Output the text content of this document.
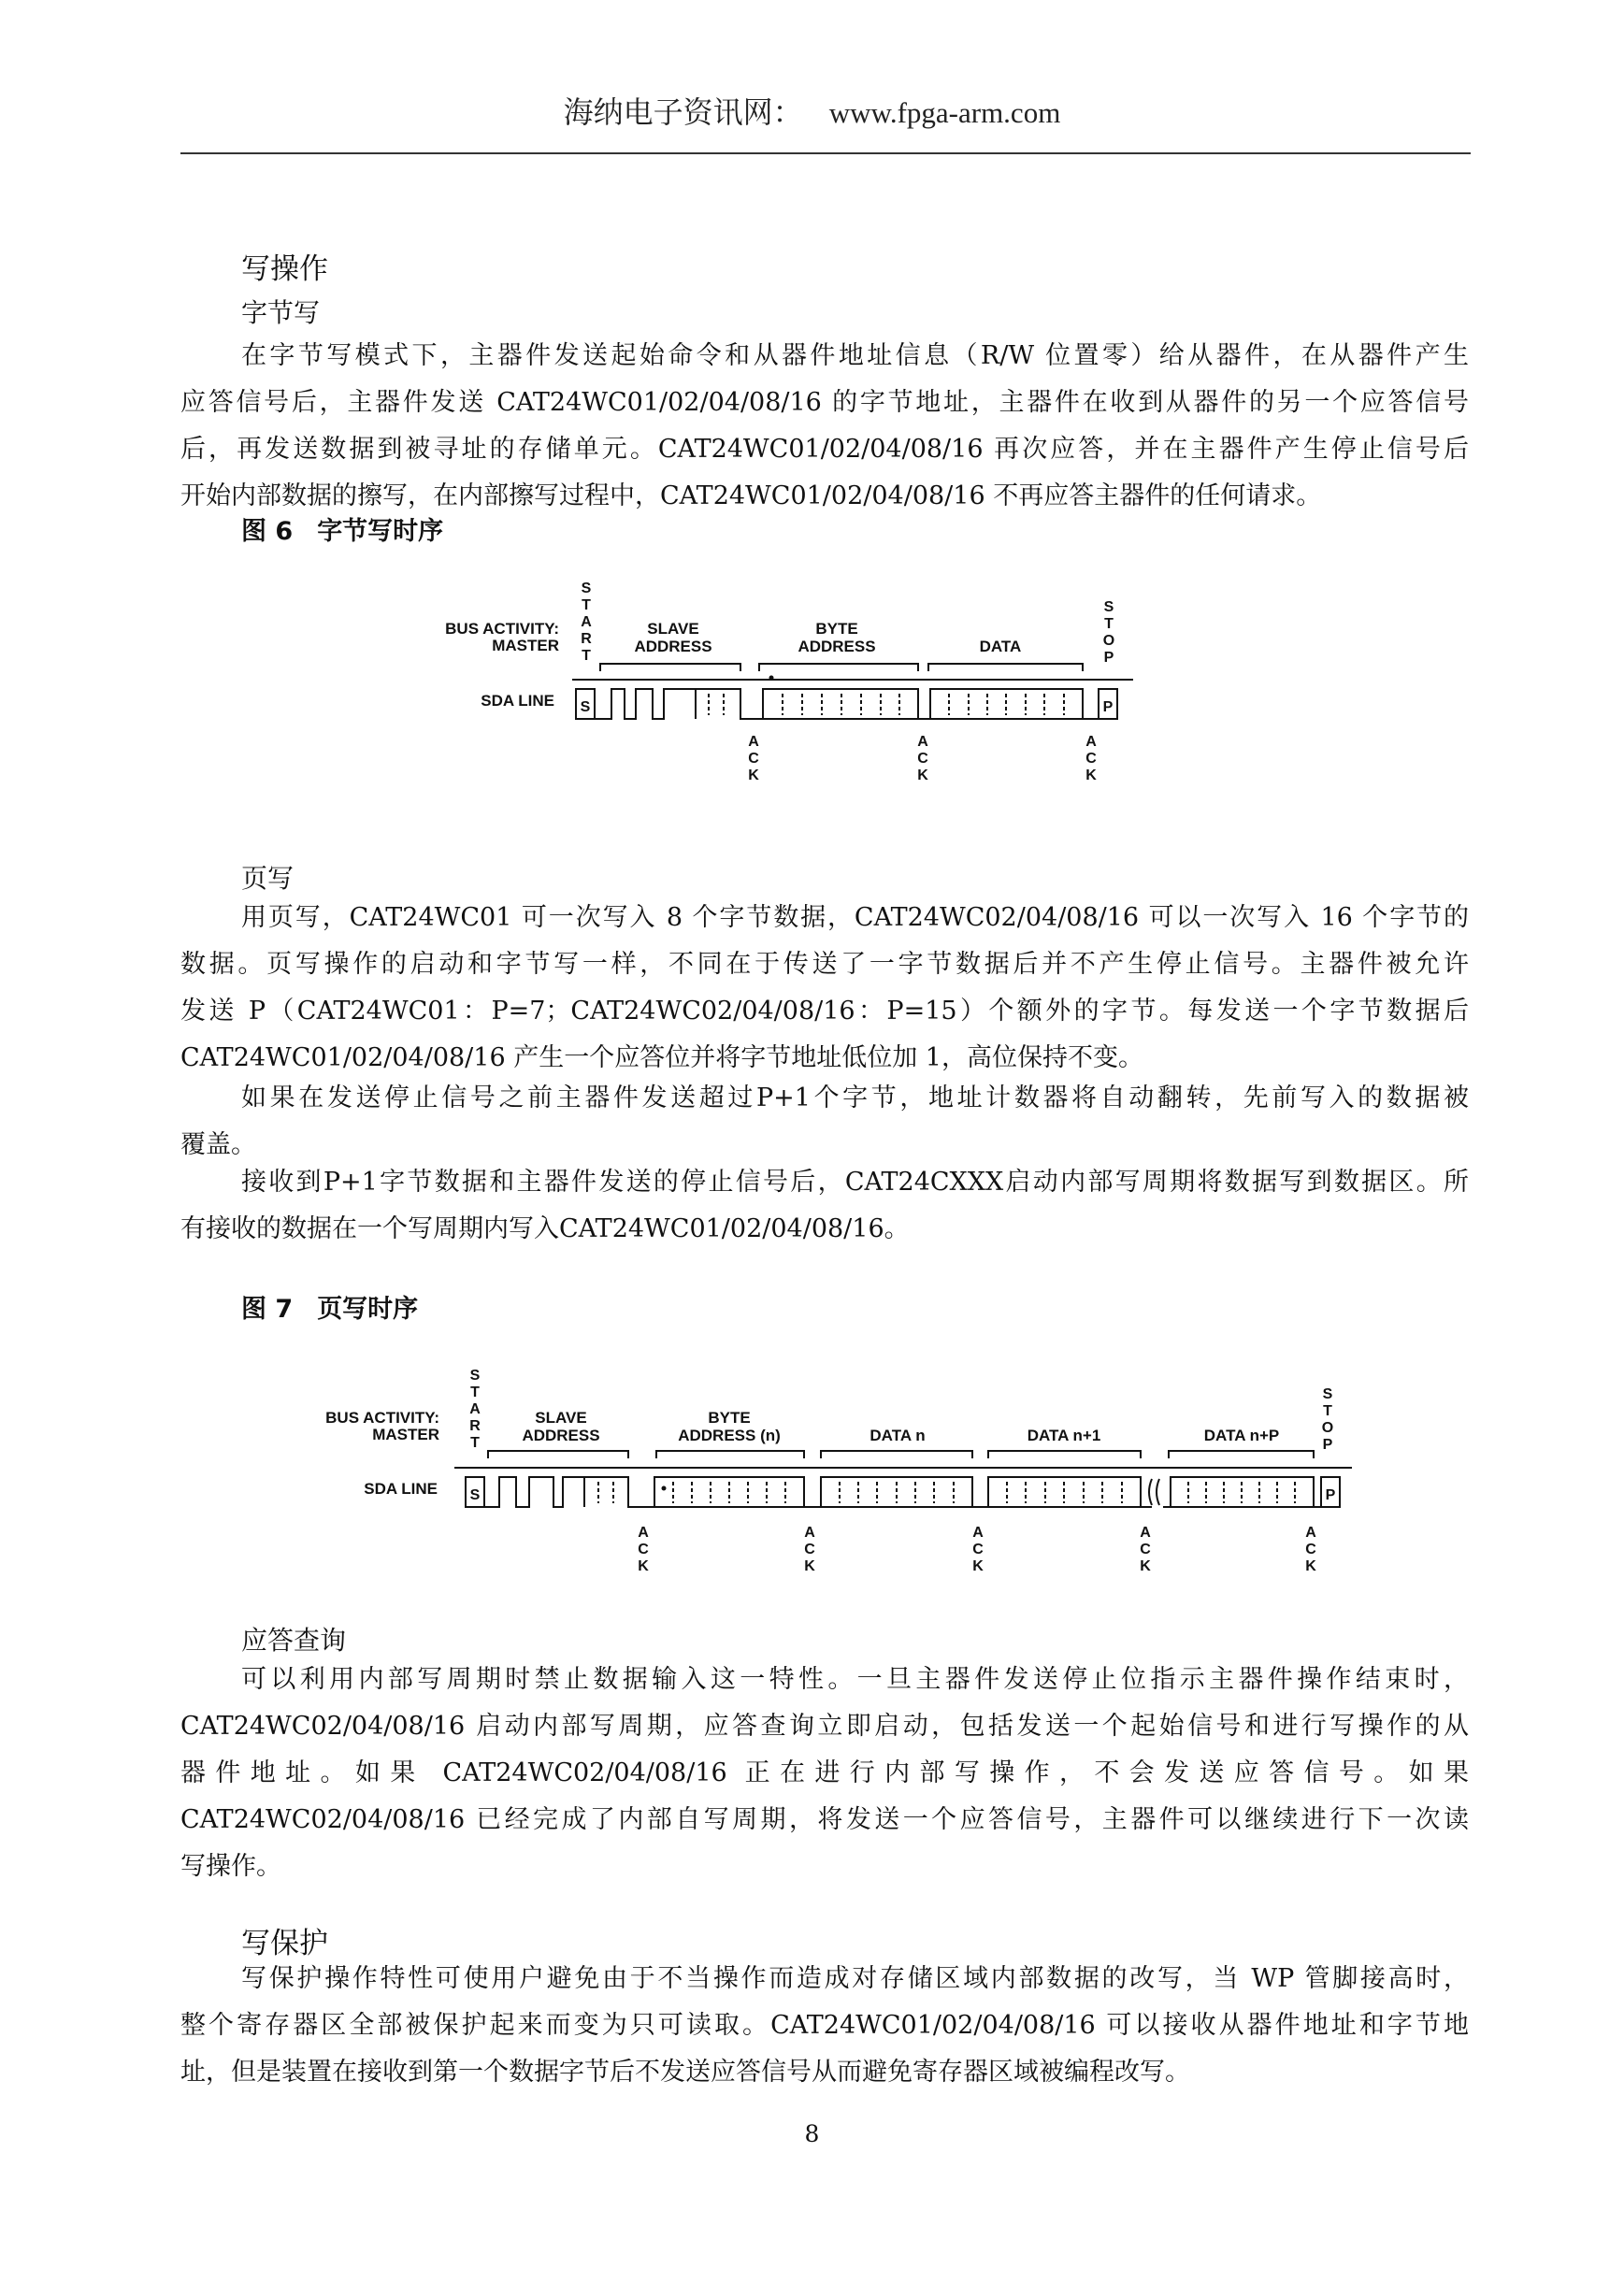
海纳电子资讯网： www.fpga-arm.com
写操作
字节写
在字节写模式下，主器件发送起始命令和从器件地址信息（R/W 位置零）给从器件，在从器件产生
应答信号后，主器件发送 CAT24WC01/02/04/08/16 的字节地址，主器件在收到从器件的另一个应答信号
后，再发送数据到被寻址的存储单元。CAT24WC01/02/04/08/16 再次应答，并在主器件产生停止信号后
开始内部数据的擦写，在内部擦写过程中，CAT24WC01/02/04/08/16 不再应答主器件的任何请求。
图 6 字节写时序
BUS ACTIVITY:
MASTER
SDA LINE
S
T
A
R
T
S
T
O
P
SLAVE
ADDRESS
BYTE
ADDRESS	DATA
S	P
A
C
K
A
C
K
A
C
K
页写
用页写，CAT24WC01 可一次写入 8 个字节数据，CAT24WC02/04/08/16 可以一次写入 16 个字节的
数据。页写操作的启动和字节写一样，不同在于传送了一字节数据后并不产生停止信号。主器件被允许
发送 P（CAT24WC01：P=7；CAT24WC02/04/08/16：P=15）个额外的字节。每发送一个字节数据后
CAT24WC01/02/04/08/16 产生一个应答位并将字节地址低位加 1，高位保持不变。
如果在发送停止信号之前主器件发送超过P+1个字节，地址计数器将自动翻转，先前写入的数据被
覆盖。
接收到P+1字节数据和主器件发送的停止信号后，CAT24CXXX启动内部写周期将数据写到数据区。所
有接收的数据在一个写周期内写入CAT24WC01/02/04/08/16。
图 7 页写时序
BUS ACTIVITY:
MASTER
SDA LINE
S
T
A
R
T
S
T
O
P
SLAVE
ADDRESS
BYTE
ADDRESS (n)	DATA n	DATA n+1	DATA n+P
S	P
A
C
K
A
C
K
A
C
K
A
C
K
A
C
K
应答查询
可以利用内部写周期时禁止数据输入这一特性。一旦主器件发送停止位指示主器件操作结束时，
CAT24WC02/04/08/16 启动内部写周期，应答查询立即启动，包括发送一个起始信号和进行写操作的从
器件地址。如果 CAT24WC02/04/08/16 正在进行内部写操作，不会发送应答信号。如果
CAT24WC02/04/08/16 已经完成了内部自写周期，将发送一个应答信号，主器件可以继续进行下一次读
写操作。
写保护
写保护操作特性可使用户避免由于不当操作而造成对存储区域内部数据的改写，当 WP 管脚接高时，
整个寄存器区全部被保护起来而变为只可读取。CAT24WC01/02/04/08/16 可以接收从器件地址和字节地
址，但是装置在接收到第一个数据字节后不发送应答信号从而避免寄存器区域被编程改写。
8
